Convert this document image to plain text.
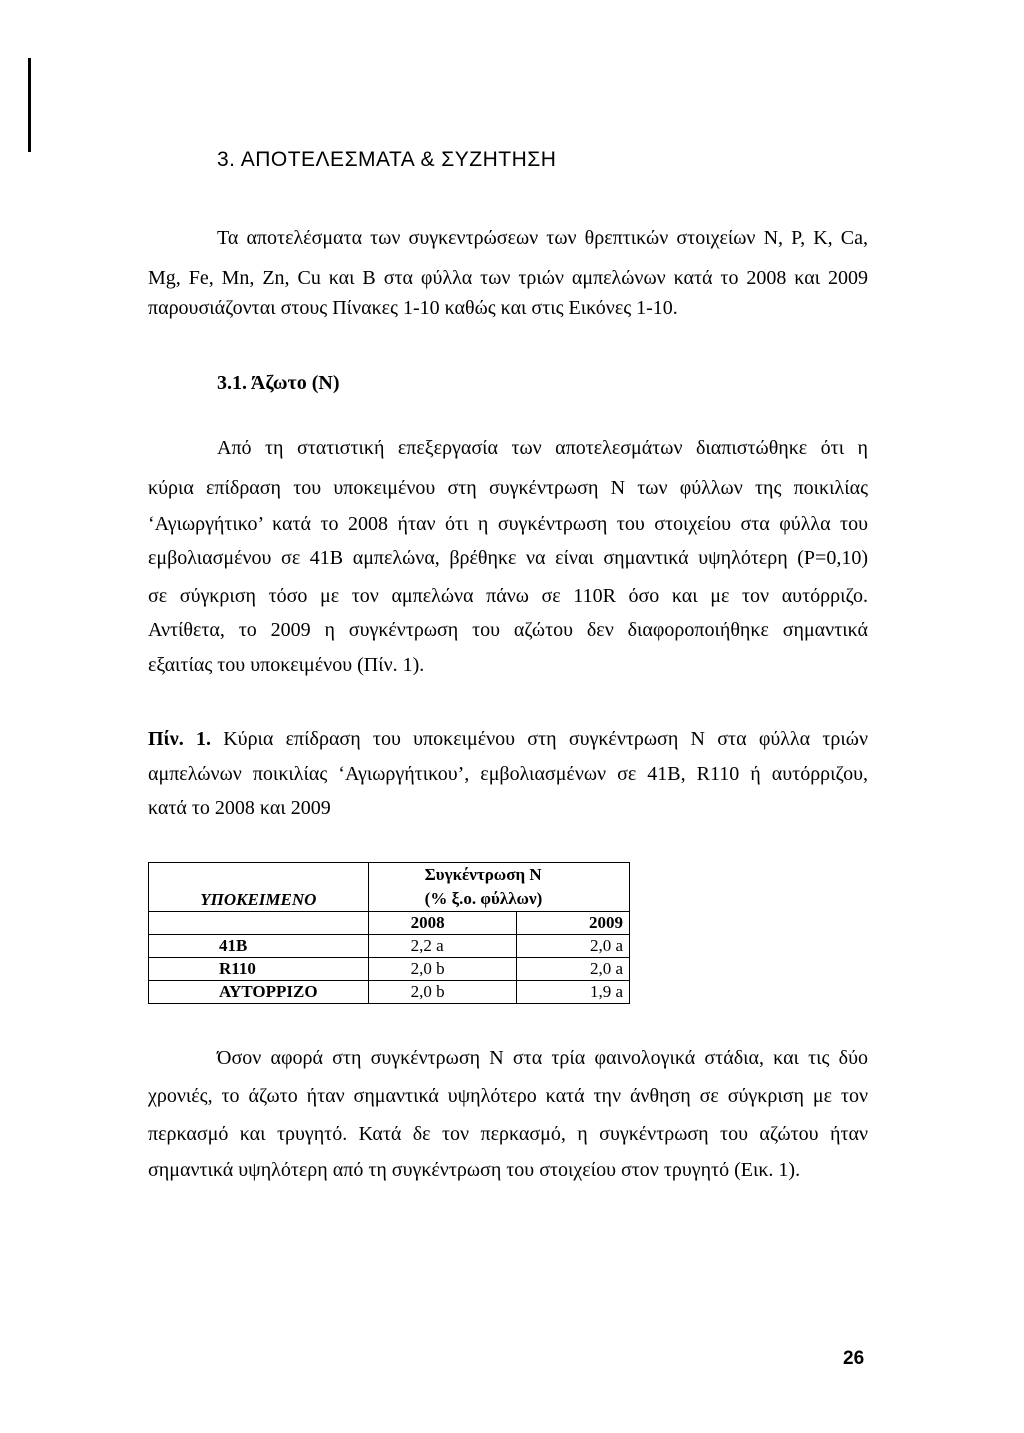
3. ΑΠΟΤΕΛΕΣΜΑΤΑ & ΣΥΖΗΤΗΣΗ
Τα αποτελέσματα των συγκεντρώσεων των θρεπτικών στοιχείων N, P, K, Ca,
Mg, Fe, Mn, Zn, Cu και B στα φύλλα των τριών αμπελώνων κατά το 2008 και 2009
παρουσιάζονται στους Πίνακες 1-10 καθώς και στις Εικόνες 1-10.
3.1. Άζωτο (N)
Από τη στατιστική επεξεργασία των αποτελεσμάτων διαπιστώθηκε ότι η
κύρια επίδραση του υποκειμένου στη συγκέντρωση N των φύλλων της ποικιλίας
‘Αγιωργήτικο’ κατά το 2008 ήταν ότι η συγκέντρωση του στοιχείου στα φύλλα του
εμβολιασμένου σε 41B αμπελώνα, βρέθηκε να είναι σημαντικά υψηλότερη (P=0,10)
σε σύγκριση τόσο με τον αμπελώνα πάνω σε 110R όσο και με τον αυτόρριζο.
Αντίθετα, το 2009 η συγκέντρωση του αζώτου δεν διαφοροποιήθηκε σημαντικά
εξαιτίας του υποκειμένου (Πίν. 1).
Πίν. 1. Κύρια επίδραση του υποκειμένου στη συγκέντρωση N στα φύλλα τριών
αμπελώνων ποικιλίας ‘Αγιωργήτικου’, εμβολιασμένων σε 41B, R110 ή αυτόρριζου,
κατά το 2008 και 2009
ΥΠΟΚΕΙΜΕΝΟ	Συγκέντρωση N	
	(% ξ.ο. φύλλων)	
	2008	2009
41B	2,2 a	2,0 a
R110	2,0 b	2,0 a
ΑΥΤΟΡΡΙΖΟ	2,0 b	1,9 a
Όσον αφορά στη συγκέντρωση N στα τρία φαινολογικά στάδια, και τις δύο
χρονιές, το άζωτο ήταν σημαντικά υψηλότερο κατά την άνθηση σε σύγκριση με τον
περκασμό και τρυγητό. Κατά δε τον περκασμό, η συγκέντρωση του αζώτου ήταν
σημαντικά υψηλότερη από τη συγκέντρωση του στοιχείου στον τρυγητό (Εικ. 1).
26
